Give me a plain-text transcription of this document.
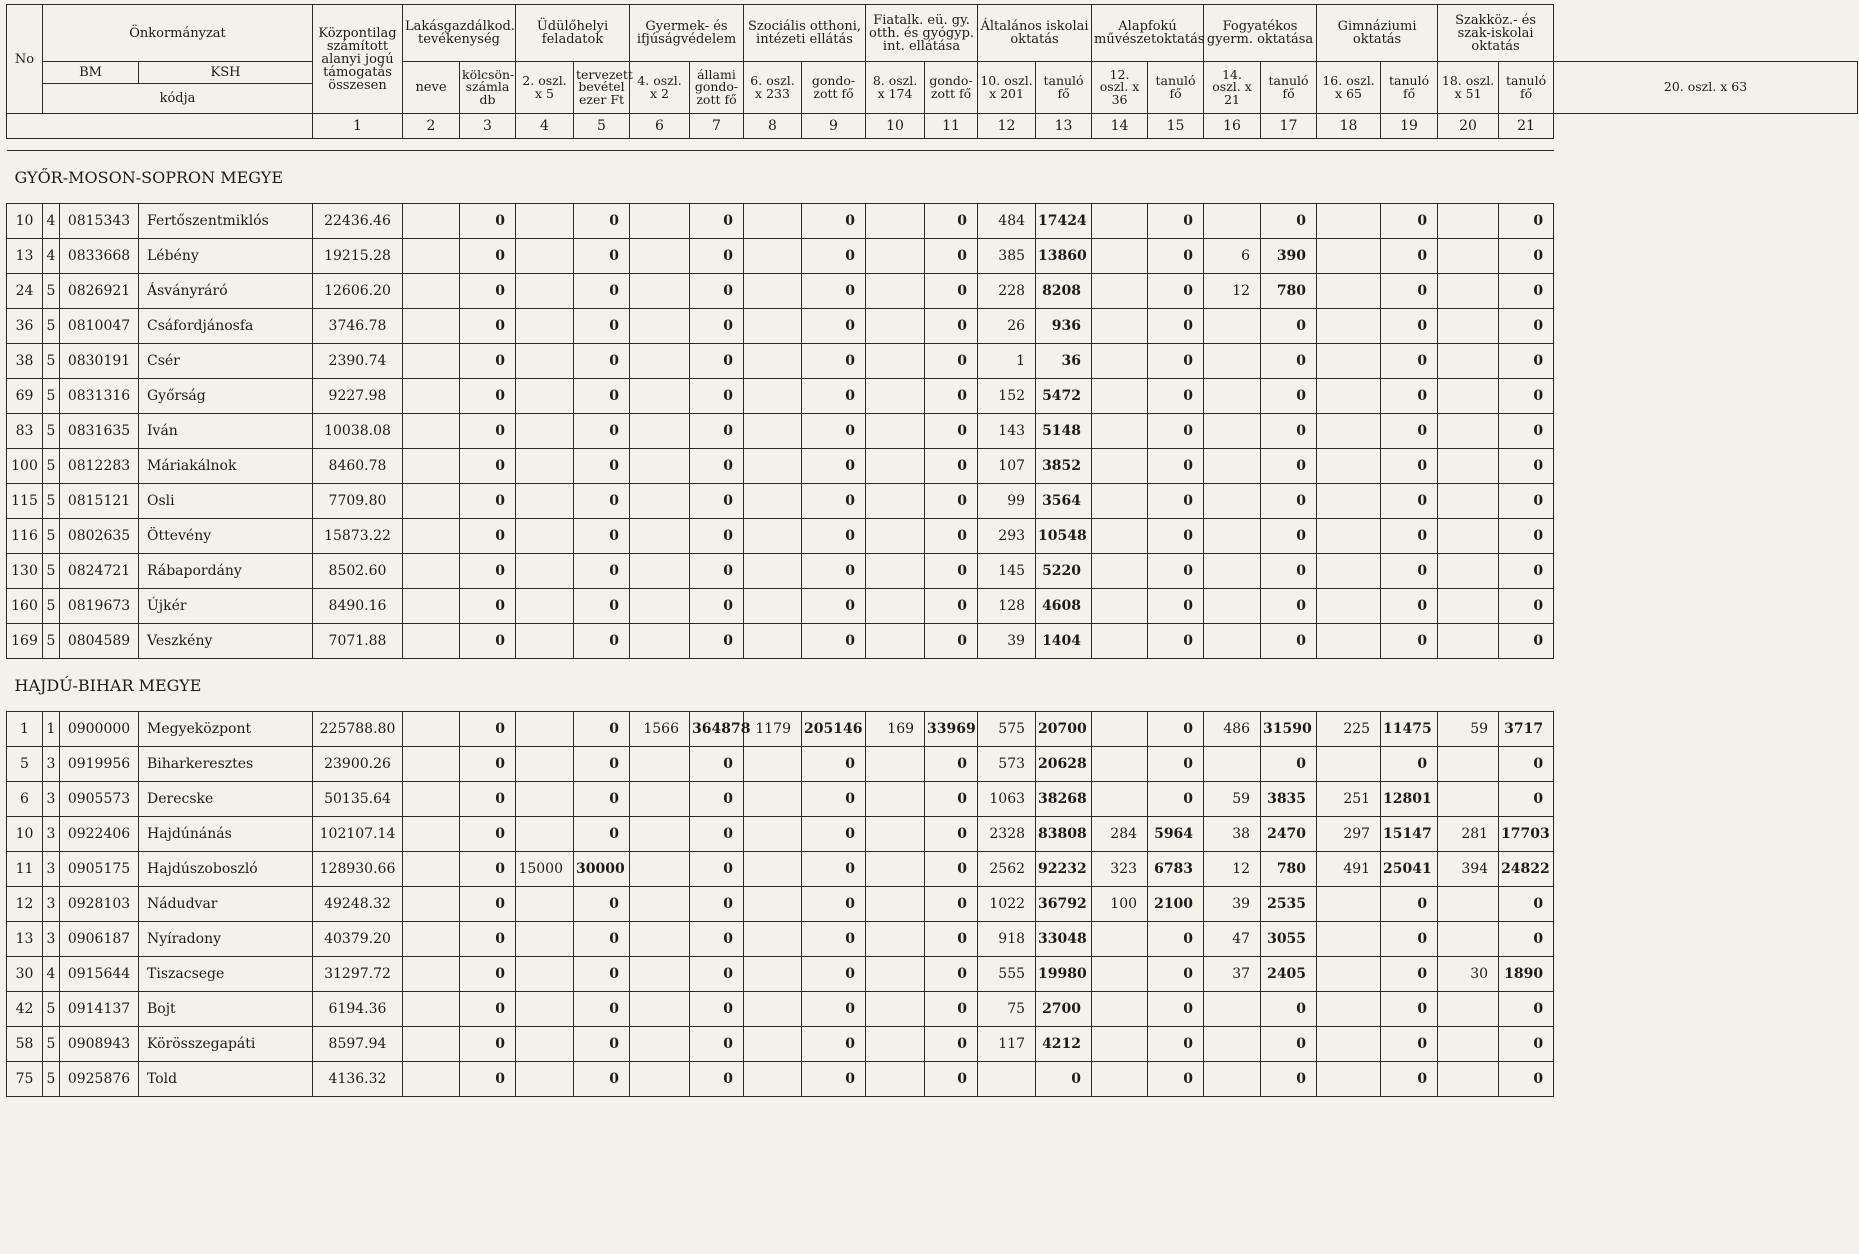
No	Önkormányzat			Központilag számított alanyi jogú támogatás összesen	Lakásgazdálkod. tevékenység		Üdülőhelyi feladatok		Gyermek- és ifjúságvédelem		Szociális otthoni, intézeti ellátás		Fiatalk. eü. gy. otth. és gyógyp. int. ellátása		Általános iskolai oktatás		Alapfokú művészetoktatás		Fogyatékos gyerm. oktatása		Gimnáziumi oktatás		Szakköz.- és szak-iskolai oktatás		
	BM		KSH		neve	kölcsön-számla db	2. oszl. x 5	tervezett bevétel ezer Ft	4. oszl. x 2	állami gondo-zott fő	6. oszl. x 233	gondo-zott fő	8. oszl. x 174	gondo-zott fő	10. oszl. x 201	tanuló fő	12. oszl. x 36	tanuló fő	14. oszl. x 21	tanuló fő	16. oszl. x 65	tanuló fő	18. oszl. x 51	tanuló fő	20. oszl. x 63
	kódja																								
				1	2	3	4	5	6	7	8	9	10	11	12	13	14	15	16	17	18	19	20	21	

GYŐR-MOSON-SOPRON MEGYE																									
10	4	0815343	Fertőszentmiklós	22436.46		0		0		0		0		0	484	17424		0		0		0		0	
13	4	0833668	Lébény	19215.28		0		0		0		0		0	385	13860		0	6	390		0		0	
24	5	0826921	Ásványráró	12606.20		0		0		0		0		0	228	8208		0	12	780		0		0	
36	5	0810047	Csáfordjánosfa	3746.78		0		0		0		0		0	26	936		0		0		0		0	
38	5	0830191	Csér	2390.74		0		0		0		0		0	1	36		0		0		0		0	
69	5	0831316	Győrság	9227.98		0		0		0		0		0	152	5472		0		0		0		0	
83	5	0831635	Iván	10038.08		0		0		0		0		0	143	5148		0		0		0		0	
100	5	0812283	Máriakálnok	8460.78		0		0		0		0		0	107	3852		0		0		0		0	
115	5	0815121	Osli	7709.80		0		0		0		0		0	99	3564		0		0		0		0	
116	5	0802635	Öttevény	15873.22		0		0		0		0		0	293	10548		0		0		0		0	
130	5	0824721	Rábapordány	8502.60		0		0		0		0		0	145	5220		0		0		0		0	
160	5	0819673	Újkér	8490.16		0		0		0		0		0	128	4608		0		0		0		0	
169	5	0804589	Veszkény	7071.88		0		0		0		0		0	39	1404		0		0		0		0	
HAJDÚ-BIHAR MEGYE																									
1	1	0900000	Megyeközpont	225788.80		0		0	1566	364878	1179	205146	169	33969	575	20700		0	486	31590	225	11475	59	3717	
5	3	0919956	Biharkeresztes	23900.26		0		0		0		0		0	573	20628		0		0		0		0	
6	3	0905573	Derecske	50135.64		0		0		0		0		0	1063	38268		0	59	3835	251	12801		0	
10	3	0922406	Hajdúnánás	102107.14		0		0		0		0		0	2328	83808	284	5964	38	2470	297	15147	281	17703	
11	3	0905175	Hajdúszoboszló	128930.66		0	15000	30000		0		0		0	2562	92232	323	6783	12	780	491	25041	394	24822	
12	3	0928103	Nádudvar	49248.32		0		0		0		0		0	1022	36792	100	2100	39	2535		0		0	
13	3	0906187	Nyíradony	40379.20		0		0		0		0		0	918	33048		0	47	3055		0		0	
30	4	0915644	Tiszacsege	31297.72		0		0		0		0		0	555	19980		0	37	2405		0	30	1890	
42	5	0914137	Bojt	6194.36		0		0		0		0		0	75	2700		0		0		0		0	
58	5	0908943	Körösszegapáti	8597.94		0		0		0		0		0	117	4212		0		0		0		0	
75	5	0925876	Told	4136.32		0		0		0		0		0		0		0		0		0		0	
